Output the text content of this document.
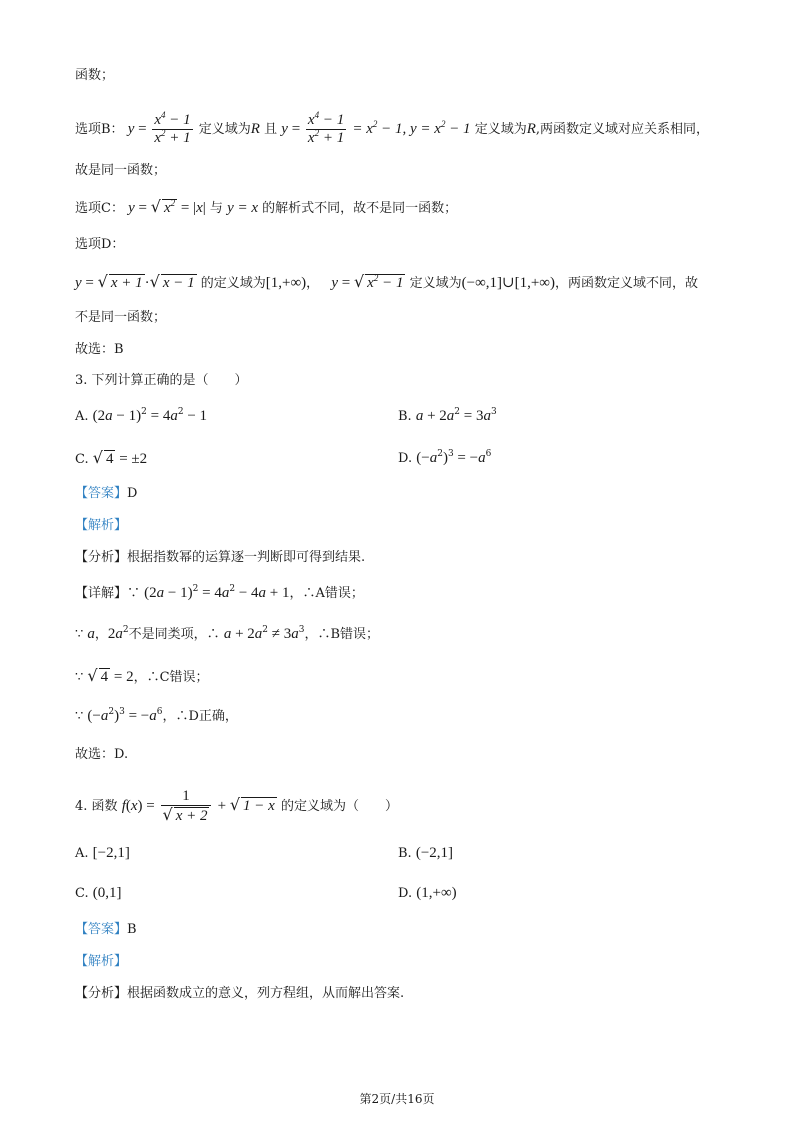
函数；
选项B： $y = \frac{x^4 - 1}{x^2 + 1}$ 定义域为R 且 $y = \frac{x^4 - 1}{x^2 + 1} = x^2 - 1$, $y = x^2 - 1$ 定义域为R,两函数定义域对应关系相同，
故是同一函数；
选项C： y = √ $x^2 = |x|$ 与 y = x 的解析式不同，故不是同一函数；
选项D：
y = √ x + 1 ·√ x − 1 的定义域为[1,+∞)， y = √ $x^2 - 1$ 定义域为(−∞,1]∪[1,+∞)，两函数定义域不同，故
不是同一函数；
故选：B
3. 下列计算正确的是（　　）
A. $(2a - 1)^2 = 4a^2 - 1$	B. $a + 2a^2 = 3a^3$
C. √ 4 = ±2	D. $(-a^2)^3 = -a^6$
【答案】D
【解析】
【分析】根据指数幂的运算逐一判断即可得到结果.
【详解】∵ $(2a - 1)^2 = 4a^2 - 4a + 1$，∴A错误；
∵ a，$2a^2$不是同类项，∴ $a + 2a^2 \ne 3a^3$，∴B错误；
∵ √ 4 = 2，∴C错误；
∵ $(-a^2)^3 = -a^6$，∴D正确，
故选：D.
4. 函数 $f(x) = \frac{1}{√ x + 2}$ + √ 1 − x 的定义域为（　　）
A. [−2,1]	B. (−2,1]
C. (0,1]	D. (1,+∞)
【答案】B
【解析】
【分析】根据函数成立的意义，列方程组，从而解出答案.
第2页/共16页
